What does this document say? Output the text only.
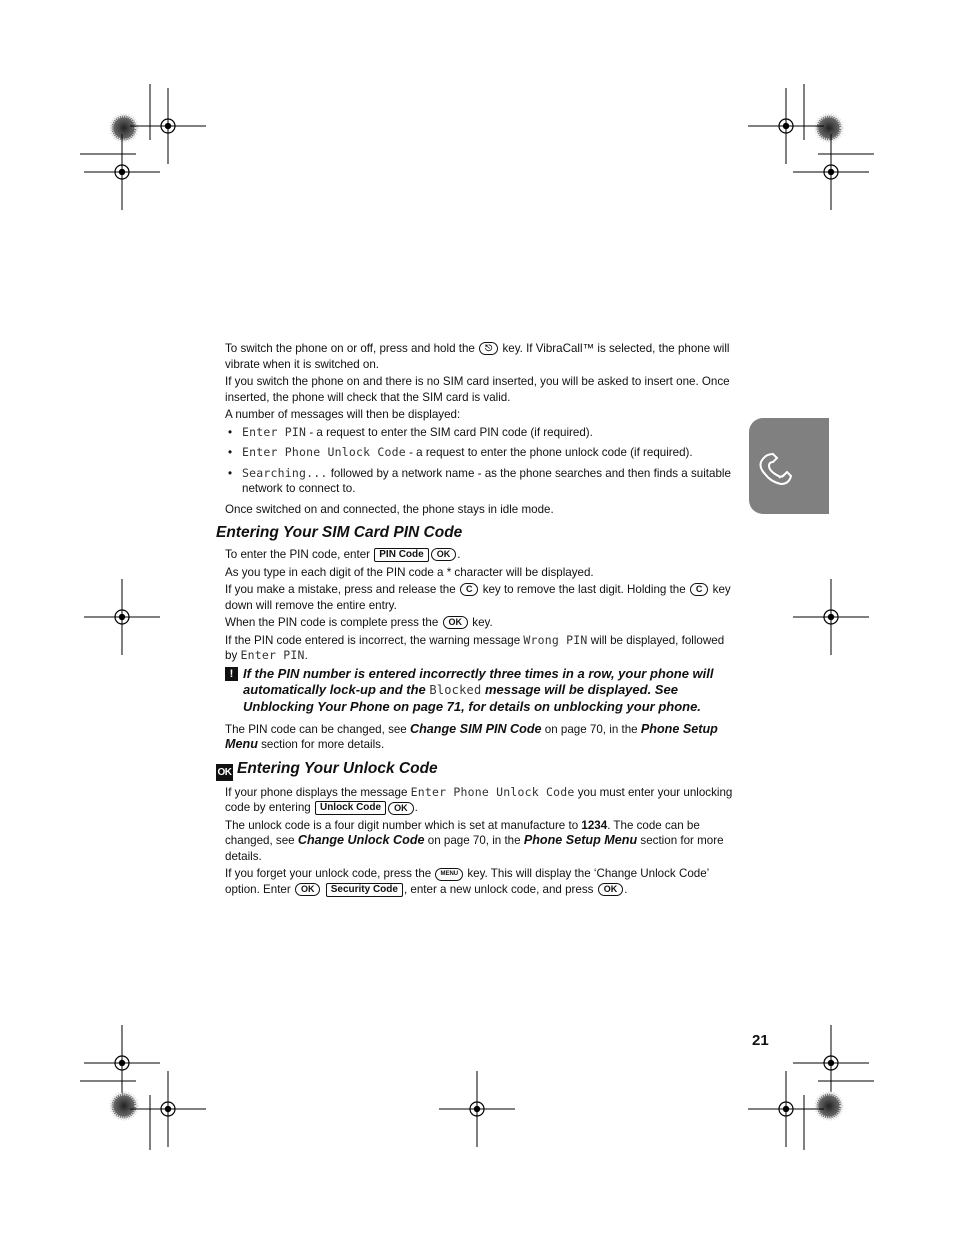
To switch the phone on or off, press and hold the ⎋ key. If VibraCall™ is selected, the phone will vibrate when it is switched on.

If you switch the phone on and there is no SIM card inserted, you will be asked to insert one. Once inserted, the phone will check that the SIM card is valid.

A number of messages will then be displayed:

• Enter PIN - a request to enter the SIM card PIN code (if required).
• Enter Phone Unlock Code - a request to enter the phone unlock code (if required).
• Searching... followed by a network name - as the phone searches and then finds a suitable network to connect to.

Once switched on and connected, the phone stays in idle mode.

Entering Your SIM Card PIN Code

To enter the PIN code, enter PIN Code OK .

As you type in each digit of the PIN code a * character will be displayed.

If you make a mistake, press and release the C key to remove the last digit. Holding the C key down will remove the entire entry.

When the PIN code is complete press the OK key.

If the PIN code entered is incorrect, the warning message Wrong PIN will be displayed, followed by Enter PIN.

! If the PIN number is entered incorrectly three times in a row, your phone will automatically lock-up and the Blocked message will be displayed. See Unblocking Your Phone on page 71, for details on unblocking your phone.

The PIN code can be changed, see Change SIM PIN Code on page 70, in the Phone Setup Menu section for more details.

OK Entering Your Unlock Code

If your phone displays the message Enter Phone Unlock Code you must enter your unlocking code by entering Unlock Code OK .

The unlock code is a four digit number which is set at manufacture to 1234. The code can be changed, see Change Unlock Code on page 70, in the Phone Setup Menu section for more details.

If you forget your unlock code, press the MENU key. This will display the ‘Change Unlock Code’ option. Enter OK Security Code , enter a new unlock code, and press OK .

21
